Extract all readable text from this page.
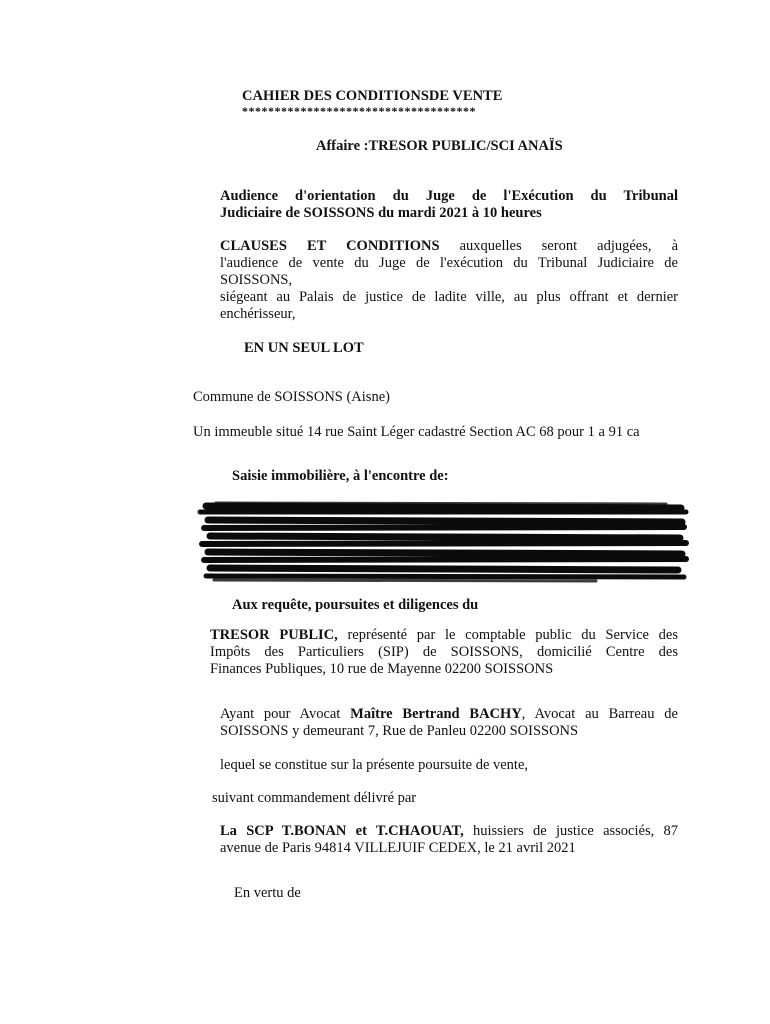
CAHIER DES CONDITIONSDE VENTE
************************************
Affaire :TRESOR PUBLIC/SCI ANAÏS
Audience d'orientation du Juge de l'Exécution du Tribunal
Judiciaire de SOISSONS du mardi 2021 à 10 heures
CLAUSES ET CONDITIONS auxquelles seront adjugées, à
l'audience de vente du Juge de l'exécution du Tribunal Judiciaire de
SOISSONS,
siégeant au Palais de justice de ladite ville, au plus offrant et dernier
enchérisseur,
EN UN SEUL LOT
Commune de SOISSONS (Aisne)
Un immeuble situé 14 rue Saint Léger cadastré Section AC 68 pour 1 a 91 ca
Saisie immobilière, à l'encontre de:
Aux requête, poursuites et diligences du
TRESOR PUBLIC, représenté par le comptable public du Service des
Impôts des Particuliers (SIP) de SOISSONS, domicilié Centre des
Finances Publiques, 10 rue de Mayenne 02200 SOISSONS
Ayant pour Avocat Maître Bertrand BACHY, Avocat au Barreau de
SOISSONS y demeurant 7, Rue de Panleu 02200 SOISSONS
lequel se constitue sur la présente poursuite de vente,
suivant commandement délivré par
La SCP T.BONAN et T.CHAOUAT, huissiers de justice associés, 87
avenue de Paris 94814 VILLEJUIF CEDEX, le 21 avril 2021
En vertu de
